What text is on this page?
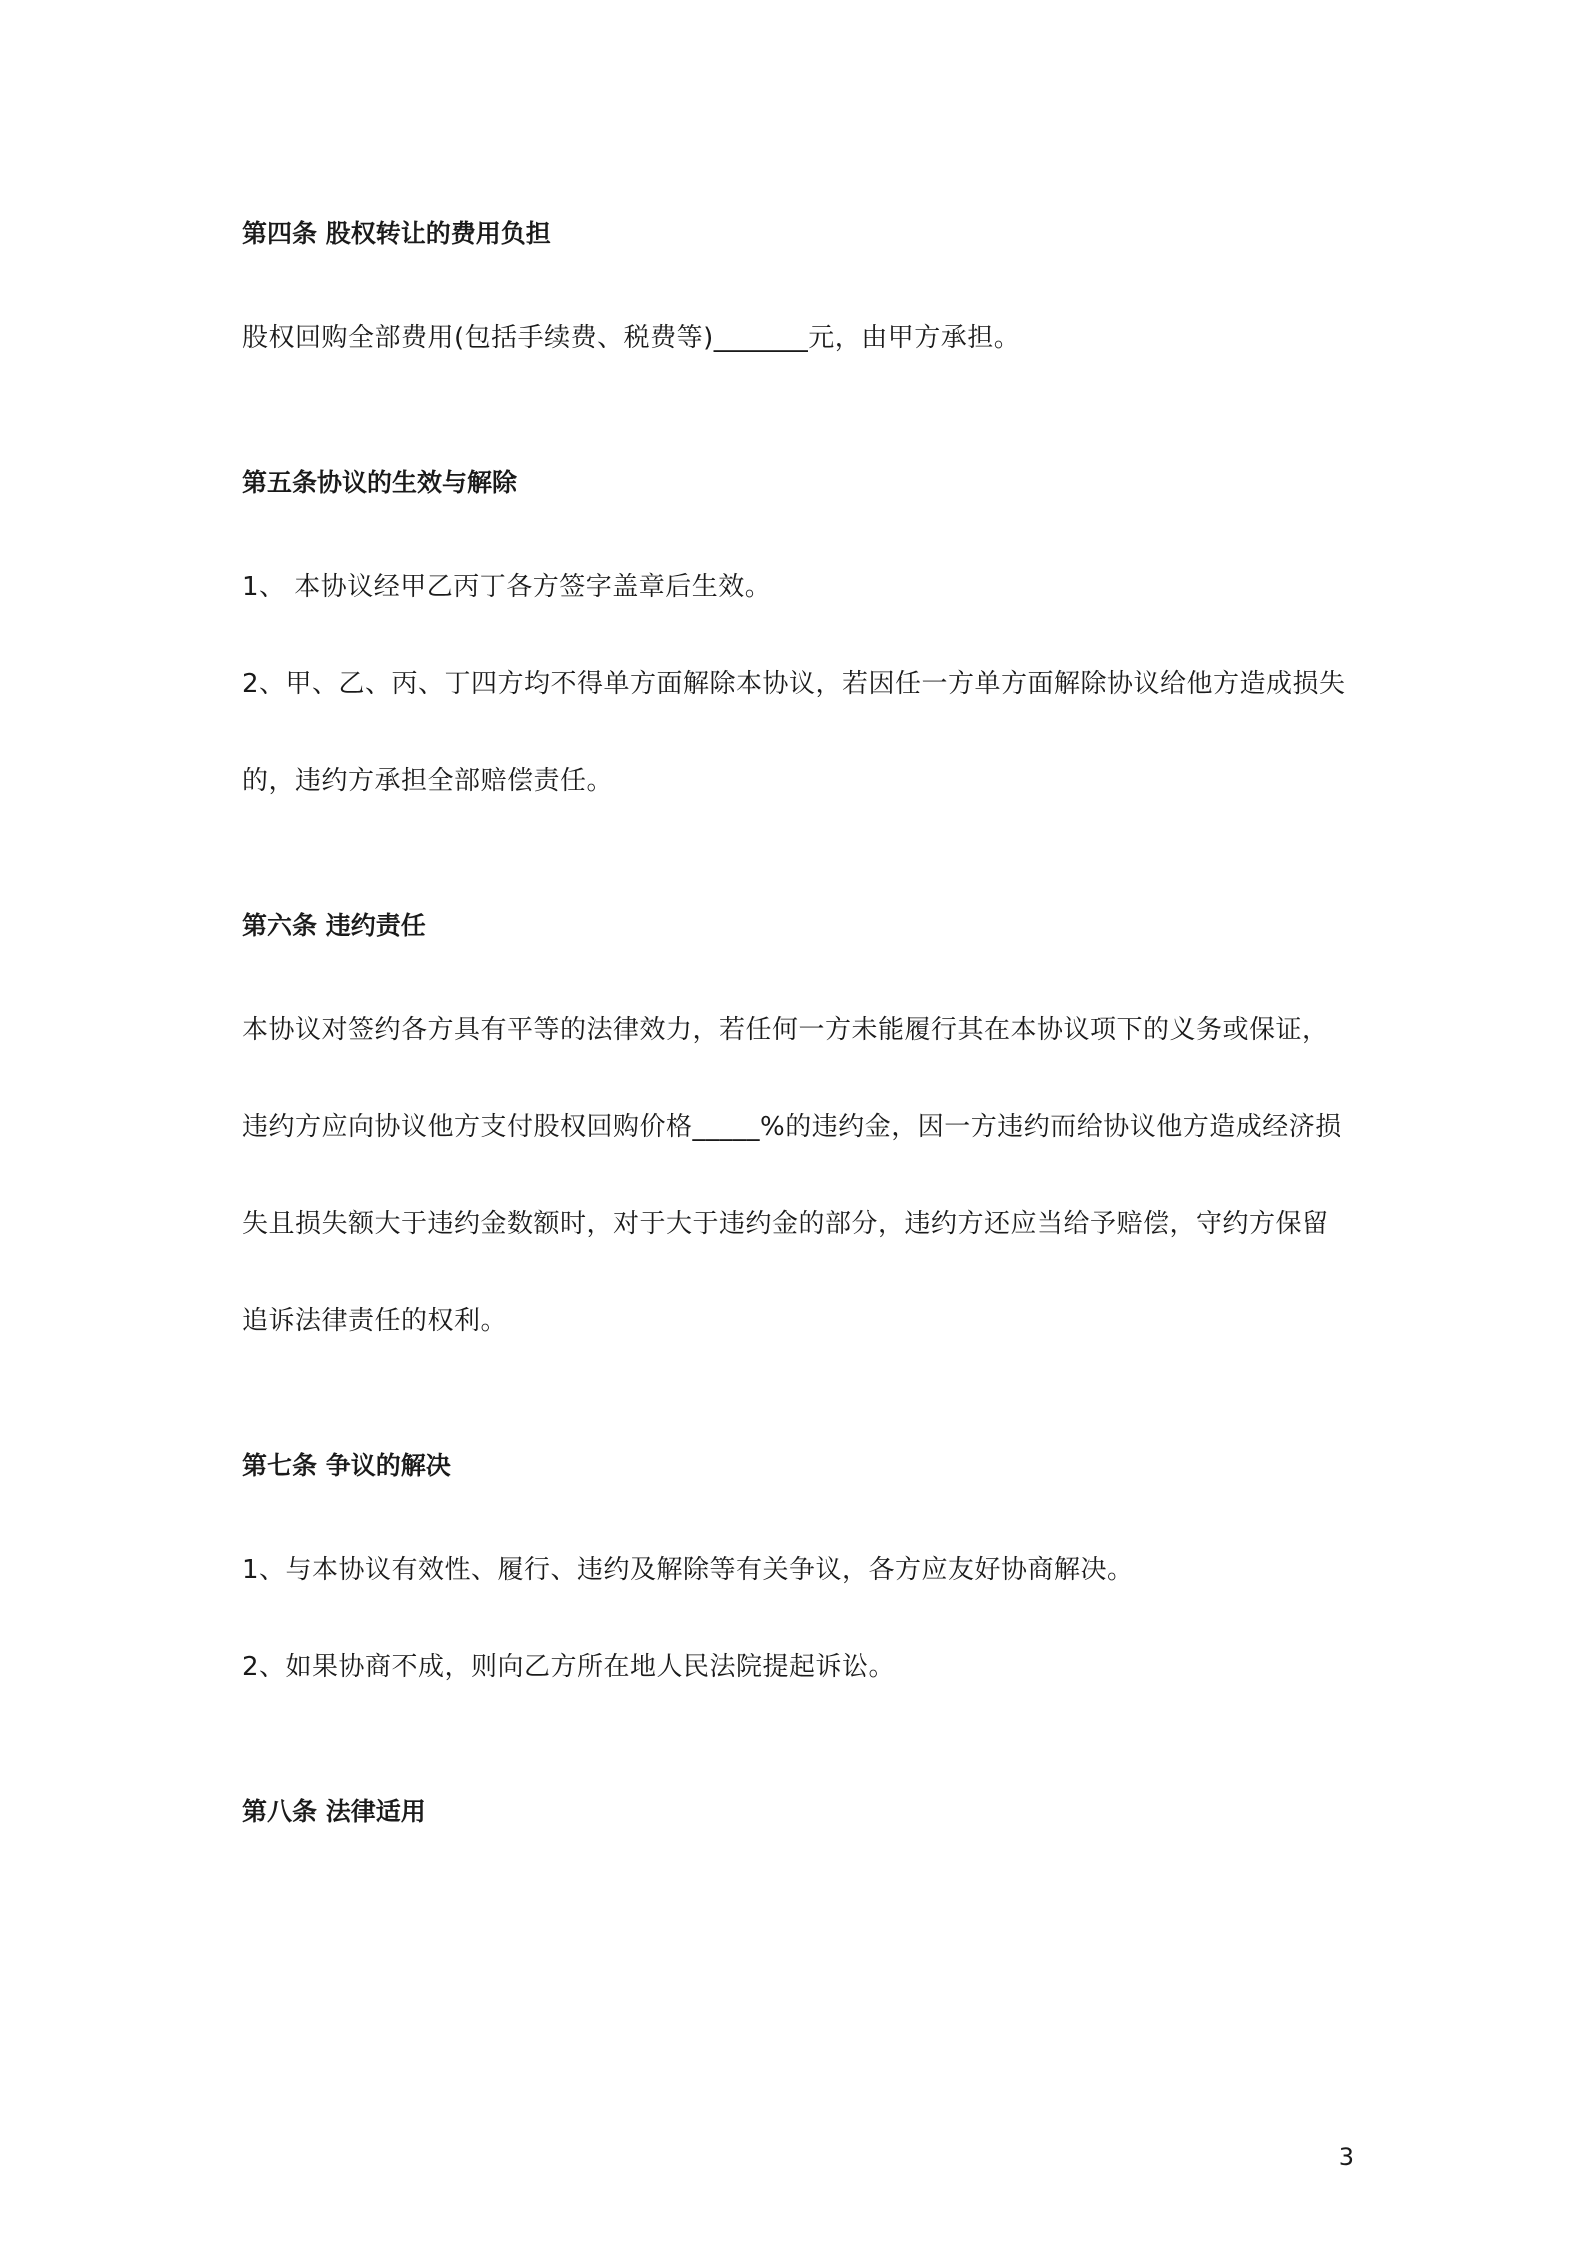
第四条 股权转让的费用负担

股权回购全部费用(包括手续费、税费等)_______元，由甲方承担。

第五条协议的生效与解除

1、 本协议经甲乙丙丁各方签字盖章后生效。

2、甲、乙、丙、丁四方均不得单方面解除本协议，若因任一方单方面解除协议给他方造成损失的，违约方承担全部赔偿责任。

第六条 违约责任

本协议对签约各方具有平等的法律效力，若任何一方未能履行其在本协议项下的义务或保证，违约方应向协议他方支付股权回购价格_____%的违约金，因一方违约而给协议他方造成经济损失且损失额大于违约金数额时，对于大于违约金的部分，违约方还应当给予赔偿，守约方保留追诉法律责任的权利。

第七条 争议的解决

1、与本协议有效性、履行、违约及解除等有关争议，各方应友好协商解决。

2、如果协商不成，则向乙方所在地人民法院提起诉讼。

第八条 法律适用

3
